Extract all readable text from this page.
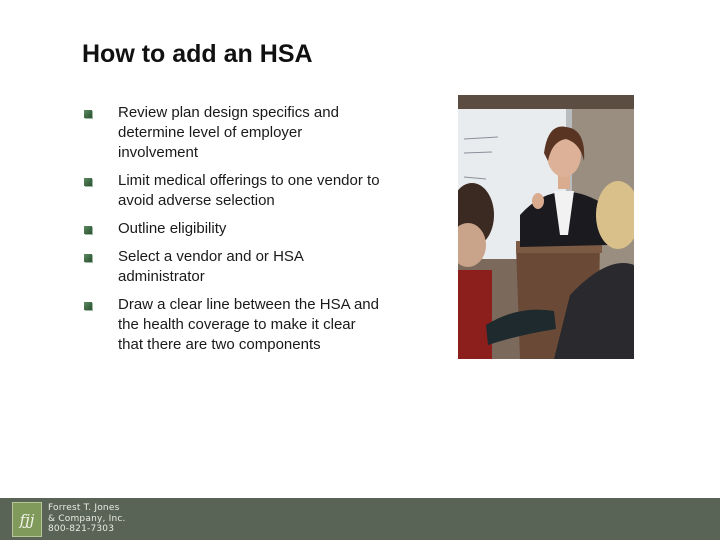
How to add an HSA
Review plan design specifics and determine level of employer involvement
Limit medical offerings to one vendor to avoid adverse selection
Outline eligibility
Select a vendor and or HSA administrator
Draw a clear line between the HSA and the health coverage to make it clear that there are two components
fjj
Forrest T. Jones
& Company, Inc.
800-821-7303
